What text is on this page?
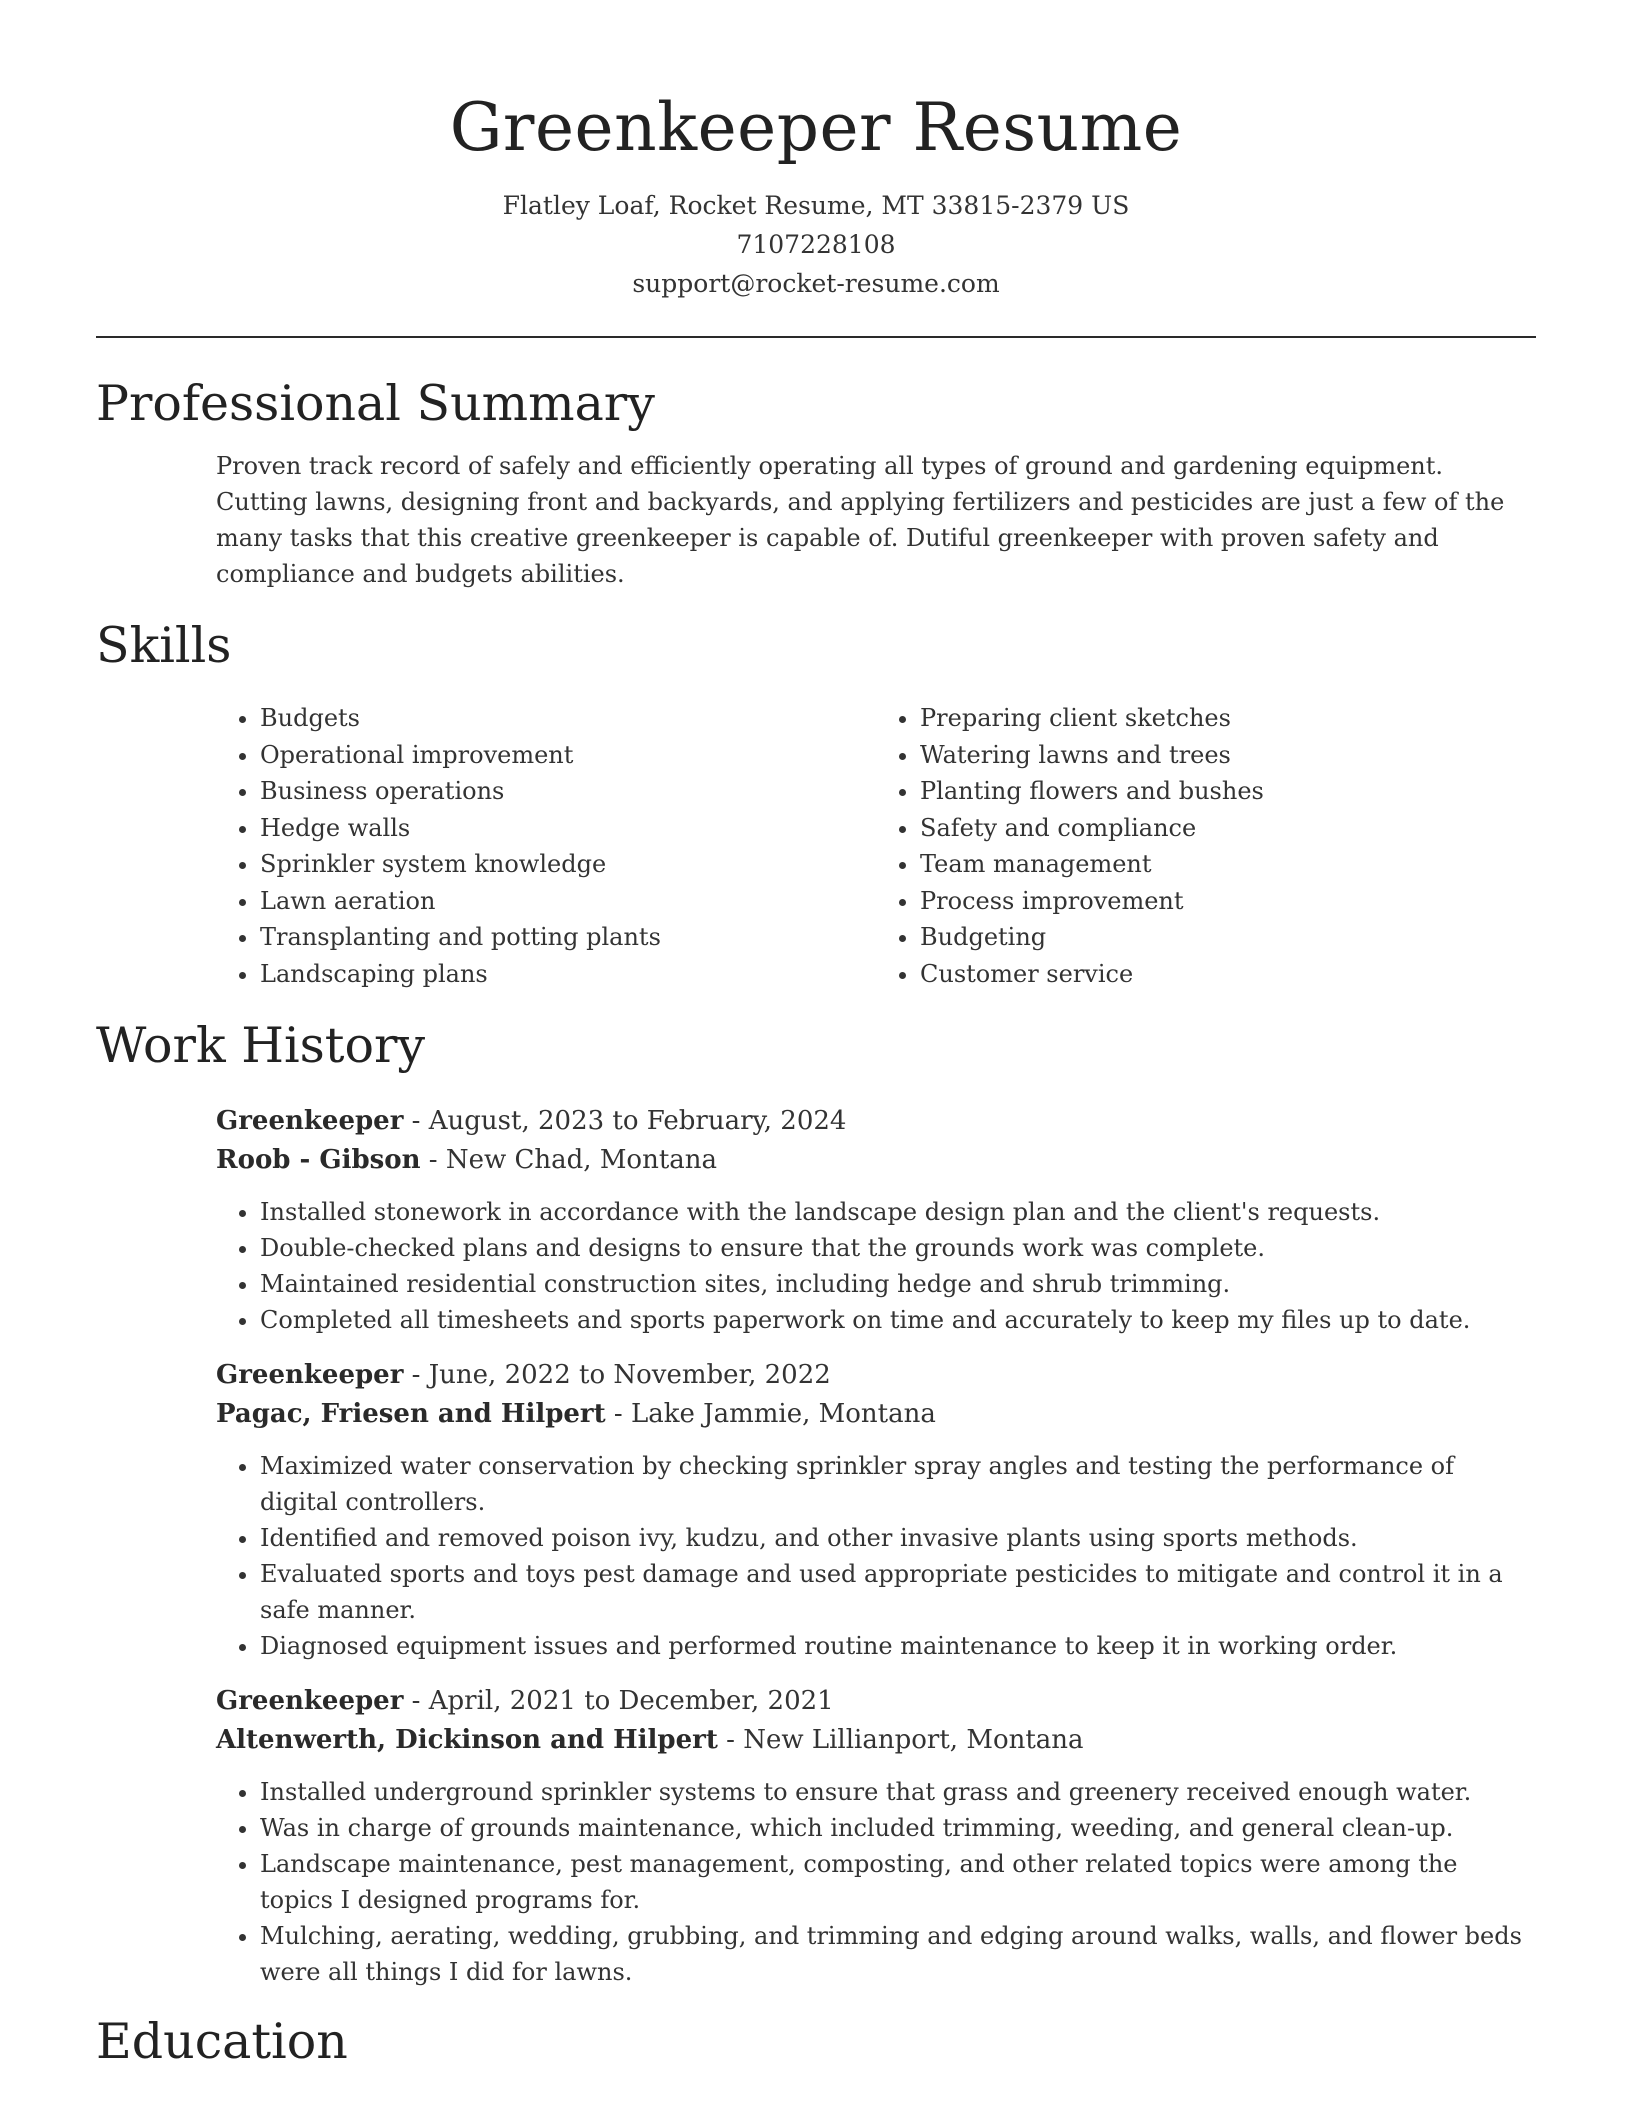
Greenkeeper Resume
Flatley Loaf, Rocket Resume, MT 33815-2379 US
7107228108
support@rocket-resume.com
Professional Summary

Proven track record of safely and efficiently operating all types of ground and gardening equipment. Cutting lawns, designing front and backyards, and applying fertilizers and pesticides are just a few of the many tasks that this creative greenkeeper is capable of. Dutiful greenkeeper with proven safety and compliance and budgets abilities.

Skills
• Budgets
• Operational improvement
• Business operations
• Hedge walls
• Sprinkler system knowledge
• Lawn aeration
• Transplanting and potting plants
• Landscaping plans
• Preparing client sketches
• Watering lawns and trees
• Planting flowers and bushes
• Safety and compliance
• Team management
• Process improvement
• Budgeting
• Customer service
Work History
Greenkeeper - August, 2023 to February, 2024
Roob - Gibson - New Chad, Montana
• Installed stonework in accordance with the landscape design plan and the client's requests.
• Double-checked plans and designs to ensure that the grounds work was complete.
• Maintained residential construction sites, including hedge and shrub trimming.
• Completed all timesheets and sports paperwork on time and accurately to keep my files up to date.
Greenkeeper - June, 2022 to November, 2022
Pagac, Friesen and Hilpert - Lake Jammie, Montana
• Maximized water conservation by checking sprinkler spray angles and testing the performance of digital controllers.
• Identified and removed poison ivy, kudzu, and other invasive plants using sports methods.
• Evaluated sports and toys pest damage and used appropriate pesticides to mitigate and control it in a safe manner.
• Diagnosed equipment issues and performed routine maintenance to keep it in working order.
Greenkeeper - April, 2021 to December, 2021
Altenwerth, Dickinson and Hilpert - New Lillianport, Montana
• Installed underground sprinkler systems to ensure that grass and greenery received enough water.
• Was in charge of grounds maintenance, which included trimming, weeding, and general clean-up.
• Landscape maintenance, pest management, composting, and other related topics were among the topics I designed programs for.
• Mulching, aerating, wedding, grubbing, and trimming and edging around walks, walls, and flower beds were all things I did for lawns.
Education
